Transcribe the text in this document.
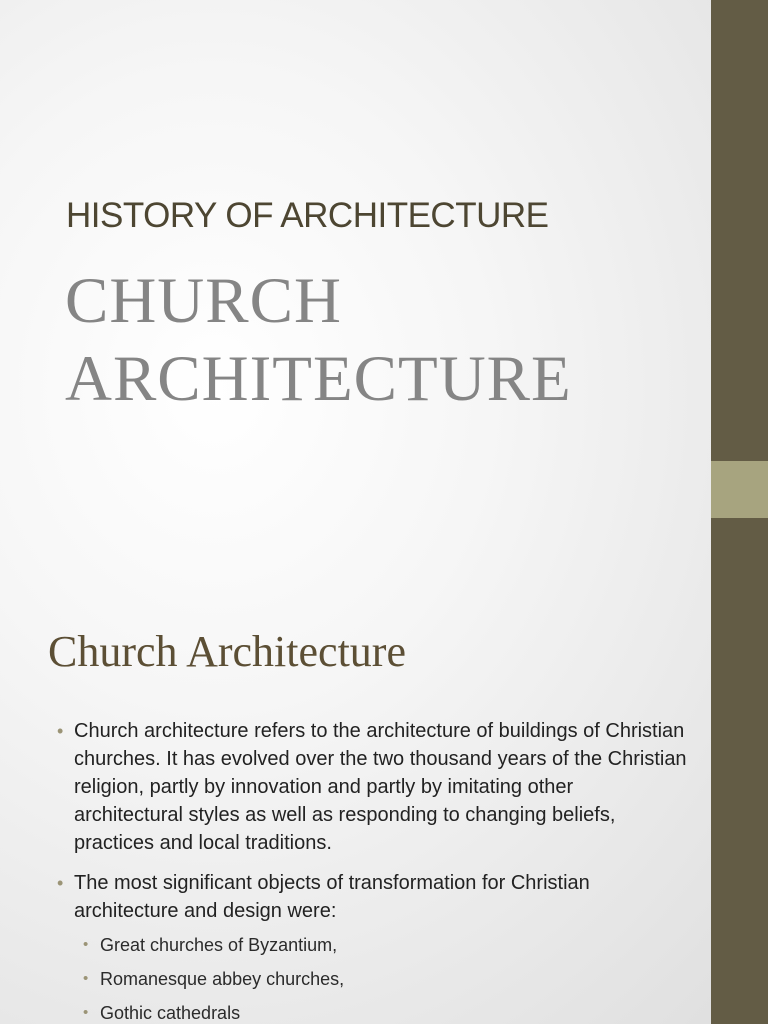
HISTORY OF ARCHITECTURE
CHURCH
ARCHITECTURE
Church Architecture
• Church architecture refers to the architecture of buildings of Christian churches. It has evolved over the two thousand years of the Christian religion, partly by innovation and partly by imitating other architectural styles as well as responding to changing beliefs, practices and local traditions.
• The most significant objects of transformation for Christian architecture and design were:
• Great churches of Byzantium,
• Romanesque abbey churches,
• Gothic cathedrals
